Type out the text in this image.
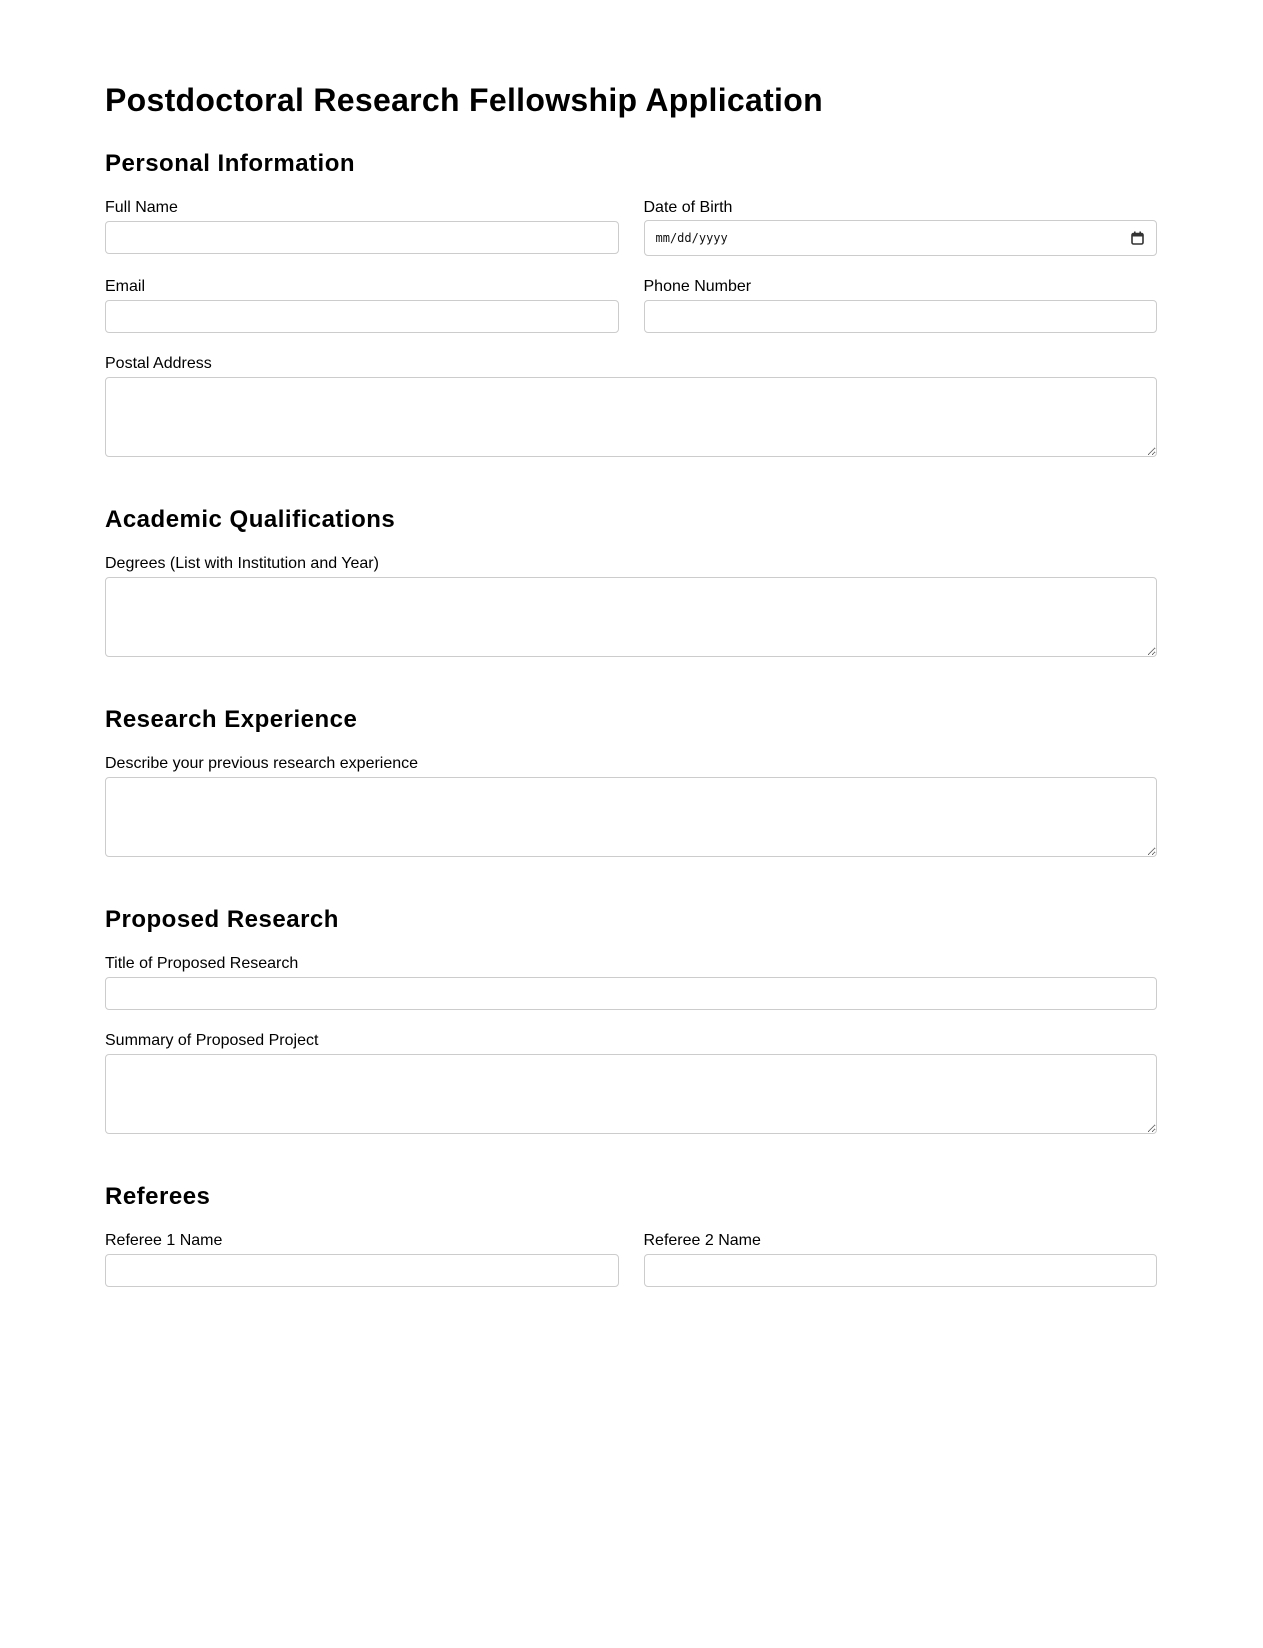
Postdoctoral Research Fellowship Application
Personal Information
Full Name	Date of Birth
mm/dd/yyyy
Email	Phone Number
Postal Address
Academic Qualifications
Degrees (List with Institution and Year)
Research Experience
Describe your previous research experience
Proposed Research
Title of Proposed Research
Summary of Proposed Project
Referees
Referee 1 Name	Referee 2 Name
